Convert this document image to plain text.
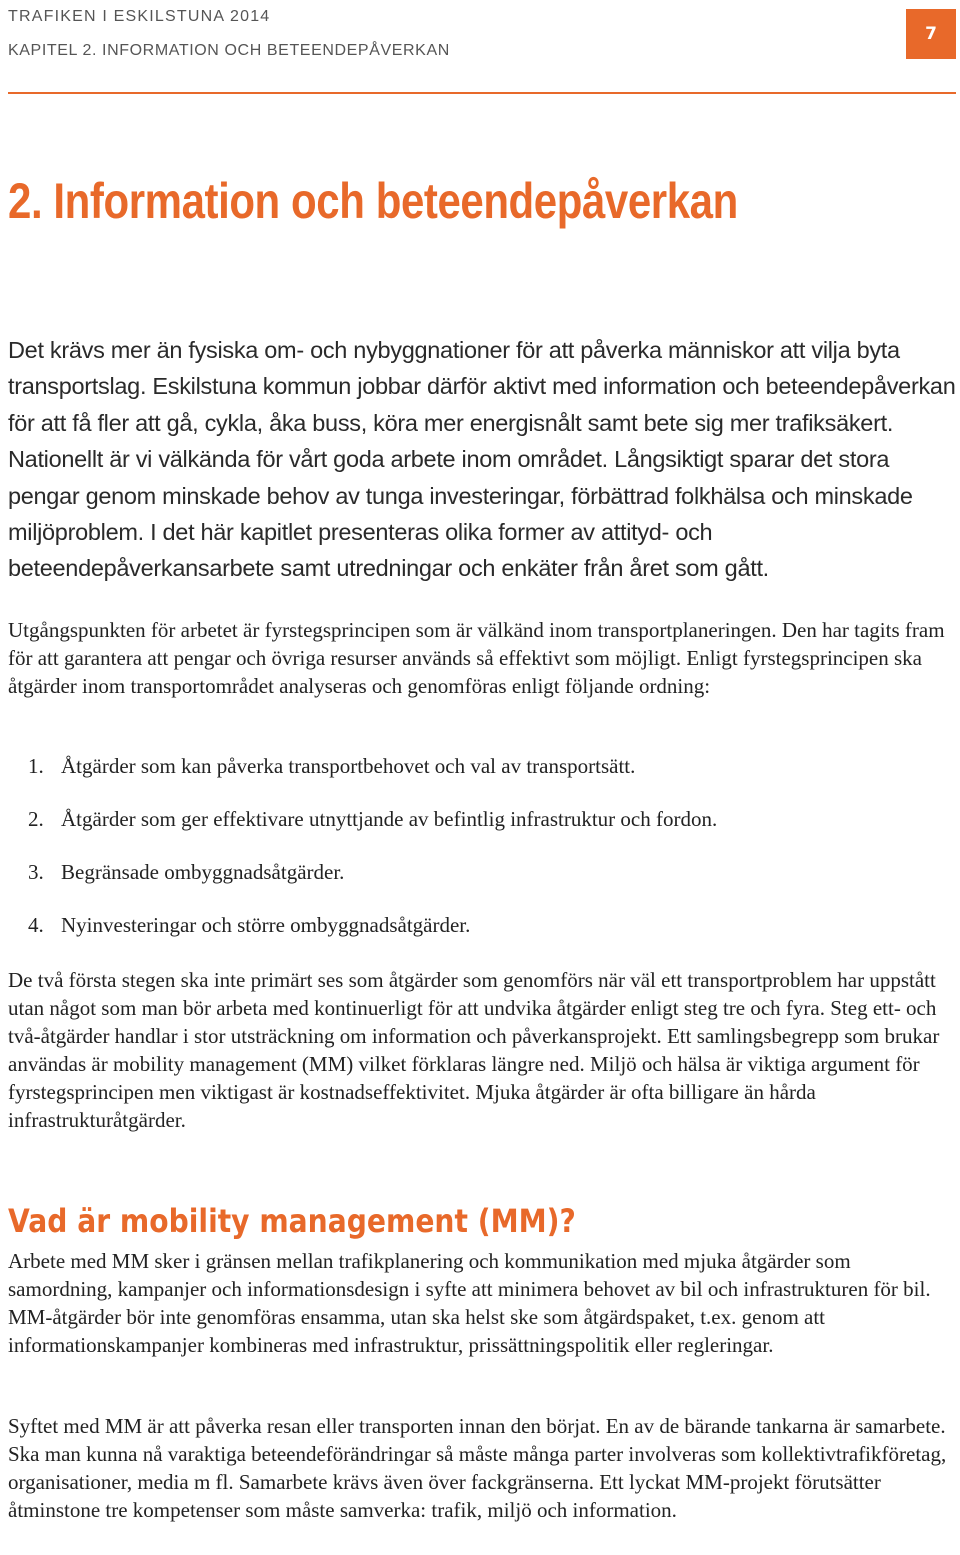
TRAFIKEN I ESKILSTUNA 2014
KAPITEL 2. INFORMATION OCH BETEENDEPÅVERKAN
7
2. Information och beteendepåverkan

Det krävs mer än fysiska om- och nybyggnationer för att påverka människor att vilja byta transportslag. Eskilstuna kommun jobbar därför aktivt med information och beteendepåverkan för att få fler att gå, cykla, åka buss, köra mer energisnålt samt bete sig mer trafiksäkert. Nationellt är vi välkända för vårt goda arbete inom området. Långsiktigt sparar det stora pengar genom minskade behov av tunga investeringar, förbättrad folkhälsa och minskade miljöproblem. I det här kapitlet presenteras olika former av attityd- och beteendepåverkansarbete samt utredningar och enkäter från året som gått.

Utgångspunkten för arbetet är fyrstegsprincipen som är välkänd inom transportplaneringen. Den har tagits fram för att garantera att pengar och övriga resurser används så effektivt som möjligt. Enligt fyrstegsprincipen ska åtgärder inom transportområdet analyseras och genomföras enligt följande ordning:

1. Åtgärder som kan påverka transportbehovet och val av transportsätt.
2. Åtgärder som ger effektivare utnyttjande av befintlig infrastruktur och fordon.
3. Begränsade ombyggnadsåtgärder.
4. Nyinvesteringar och större ombyggnadsåtgärder.

De två första stegen ska inte primärt ses som åtgärder som genomförs när väl ett transportproblem har uppstått utan något som man bör arbeta med kontinuerligt för att undvika åtgärder enligt steg tre och fyra. Steg ett- och två-åtgärder handlar i stor utsträckning om information och påverkansprojekt. Ett samlingsbegrepp som brukar användas är mobility management (MM) vilket förklaras längre ned. Miljö och hälsa är viktiga argument för fyrstegsprincipen men viktigast är kostnadseffektivitet. Mjuka åtgärder är ofta billigare än hårda infrastrukturåtgärder.

Vad är mobility management (MM)?

Arbete med MM sker i gränsen mellan trafikplanering och kommunikation med mjuka åtgärder som samordning, kampanjer och informationsdesign i syfte att minimera behovet av bil och infrastrukturen för bil. MM-åtgärder bör inte genomföras ensamma, utan ska helst ske som åtgärdspaket, t.ex. genom att informationskampanjer kombineras med infrastruktur, prissättningspolitik eller regleringar.

Syftet med MM är att påverka resan eller transporten innan den börjat. En av de bärande tankarna är samarbete. Ska man kunna nå varaktiga beteendeförändringar så måste många parter involveras som kollektivtrafikföretag, organisationer, media m fl. Samarbete krävs även över fackgränserna. Ett lyckat MM-projekt förutsätter åtminstone tre kompetenser som måste samverka: trafik, miljö och information.
